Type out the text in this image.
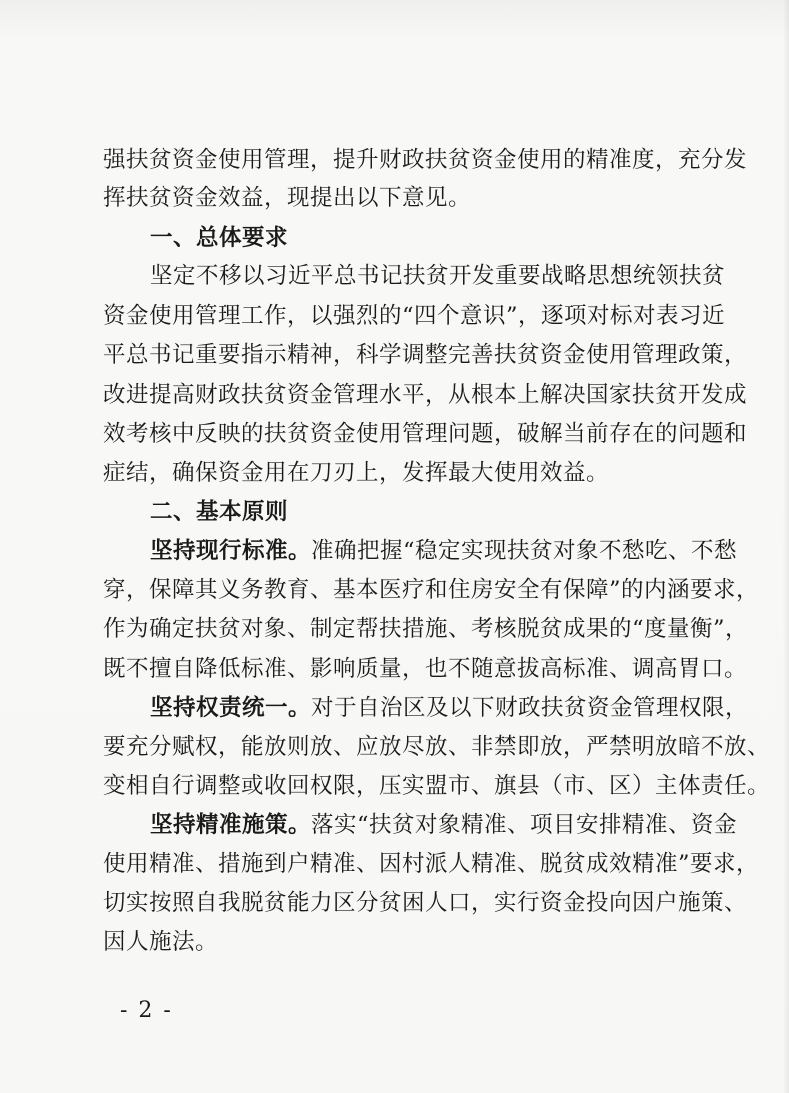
强扶贫资金使用管理，提升财政扶贫资金使用的精准度，充分发
挥扶贫资金效益，现提出以下意见。
一、总体要求
坚定不移以习近平总书记扶贫开发重要战略思想统领扶贫
资金使用管理工作，以强烈的“四个意识”，逐项对标对表习近
平总书记重要指示精神，科学调整完善扶贫资金使用管理政策，
改进提高财政扶贫资金管理水平，从根本上解决国家扶贫开发成
效考核中反映的扶贫资金使用管理问题，破解当前存在的问题和
症结，确保资金用在刀刃上，发挥最大使用效益。
二、基本原则
坚持现行标准。准确把握“稳定实现扶贫对象不愁吃、不愁
穿，保障其义务教育、基本医疗和住房安全有保障”的内涵要求，
作为确定扶贫对象、制定帮扶措施、考核脱贫成果的“度量衡”，
既不擅自降低标准、影响质量，也不随意拔高标准、调高胃口。
坚持权责统一。对于自治区及以下财政扶贫资金管理权限，
要充分赋权，能放则放、应放尽放、非禁即放，严禁明放暗不放、
变相自行调整或收回权限，压实盟市、旗县（市、区）主体责任。
坚持精准施策。落实“扶贫对象精准、项目安排精准、资金
使用精准、措施到户精准、因村派人精准、脱贫成效精准”要求，
切实按照自我脱贫能力区分贫困人口，实行资金投向因户施策、
因人施法。
- 2 -
